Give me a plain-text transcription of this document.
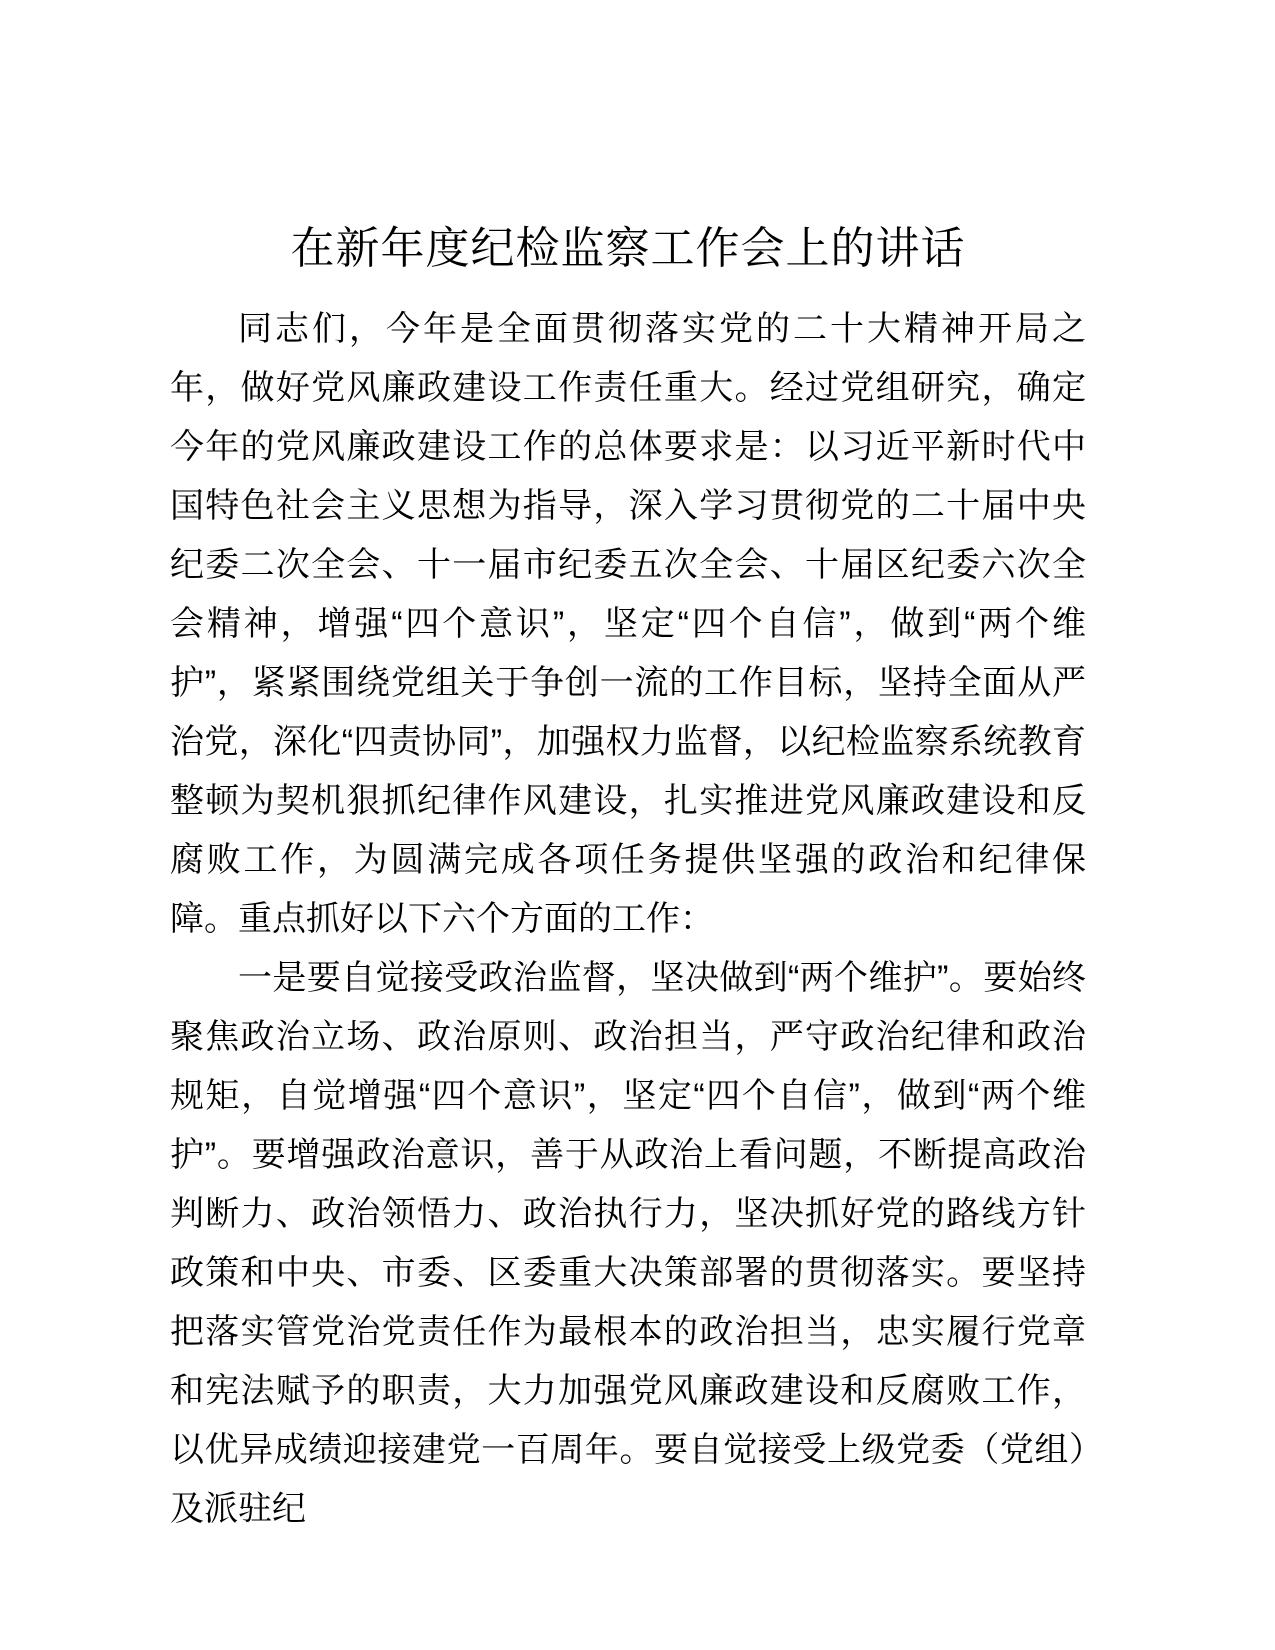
在新年度纪检监察工作会上的讲话

同志们，今年是全面贯彻落实党的二十大精神开局之年，做好党风廉政建设工作责任重大。经过党组研究，确定今年的党风廉政建设工作的总体要求是：以习近平新时代中国特色社会主义思想为指导，深入学习贯彻党的二十届中央纪委二次全会、十一届市纪委五次全会、十届区纪委六次全会精神，增强“四个意识”，坚定“四个自信”，做到“两个维护”，紧紧围绕党组关于争创一流的工作目标，坚持全面从严治党，深化“四责协同”，加强权力监督，以纪检监察系统教育整顿为契机狠抓纪律作风建设，扎实推进党风廉政建设和反腐败工作，为圆满完成各项任务提供坚强的政治和纪律保障。重点抓好以下六个方面的工作：

一是要自觉接受政治监督，坚决做到“两个维护”。要始终聚焦政治立场、政治原则、政治担当，严守政治纪律和政治规矩，自觉增强“四个意识”，坚定“四个自信”，做到“两个维护”。要增强政治意识，善于从政治上看问题，不断提高政治判断力、政治领悟力、政治执行力，坚决抓好党的路线方针政策和中央、市委、区委重大决策部署的贯彻落实。要坚持把落实管党治党责任作为最根本的政治担当，忠实履行党章和宪法赋予的职责，大力加强党风廉政建设和反腐败工作，以优异成绩迎接建党一百周年。要自觉接受上级党委（党组）及派驻纪
